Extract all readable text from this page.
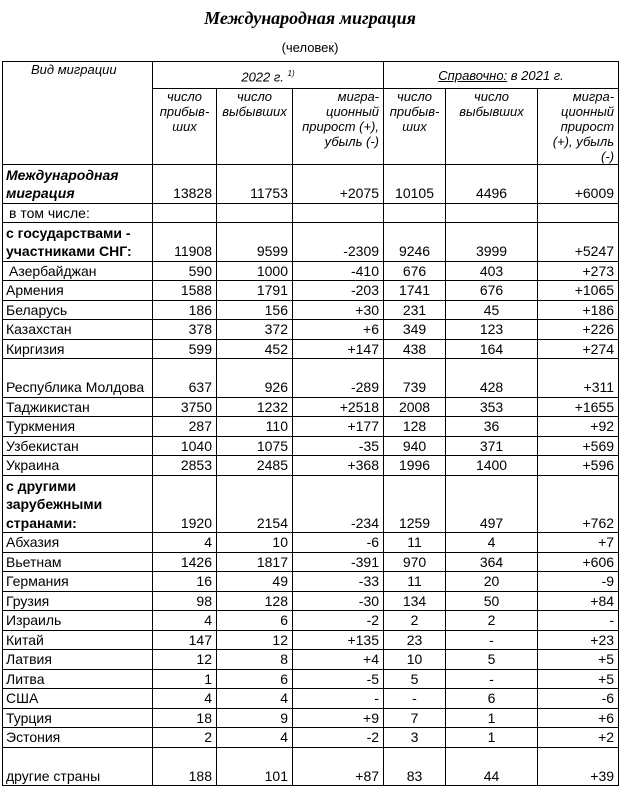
Международная миграция
(человек)
Вид миграции	2022 г. $^{1)}$			Справочно: в 2021 г.		
	число прибыв-ших	число выбывших	мигра-ционный прирост (+), убыль (-)	число прибыв-ших	число выбывших	мигра-ционный прирост (+), убыль (-)
Международная миграция	13828	11753	+2075	10105	4496	+6009
в том числе:						
с государствами - участниками СНГ:	11908	9599	-2309	9246	3999	+5247
Азербайджан	590	1000	-410	676	403	+273
Армения	1588	1791	-203	1741	676	+1065
Беларусь	186	156	+30	231	45	+186
Казахстан	378	372	+6	349	123	+226
Киргизия	599	452	+147	438	164	+274
Республика Молдова	637	926	-289	739	428	+311
Таджикистан	3750	1232	+2518	2008	353	+1655
Туркмения	287	110	+177	128	36	+92
Узбекистан	1040	1075	-35	940	371	+569
Украина	2853	2485	+368	1996	1400	+596
с другими зарубежными странами:	1920	2154	-234	1259	497	+762
Абхазия	4	10	-6	11	4	+7
Вьетнам	1426	1817	-391	970	364	+606
Германия	16	49	-33	11	20	-9
Грузия	98	128	-30	134	50	+84
Израиль	4	6	-2	2	2	-
Китай	147	12	+135	23	-	+23
Латвия	12	8	+4	10	5	+5
Литва	1	6	-5	5	-	+5
США	4	4	-	-	6	-6
Турция	18	9	+9	7	1	+6
Эстония	2	4	-2	3	1	+2
другие страны	188	101	+87	83	44	+39
